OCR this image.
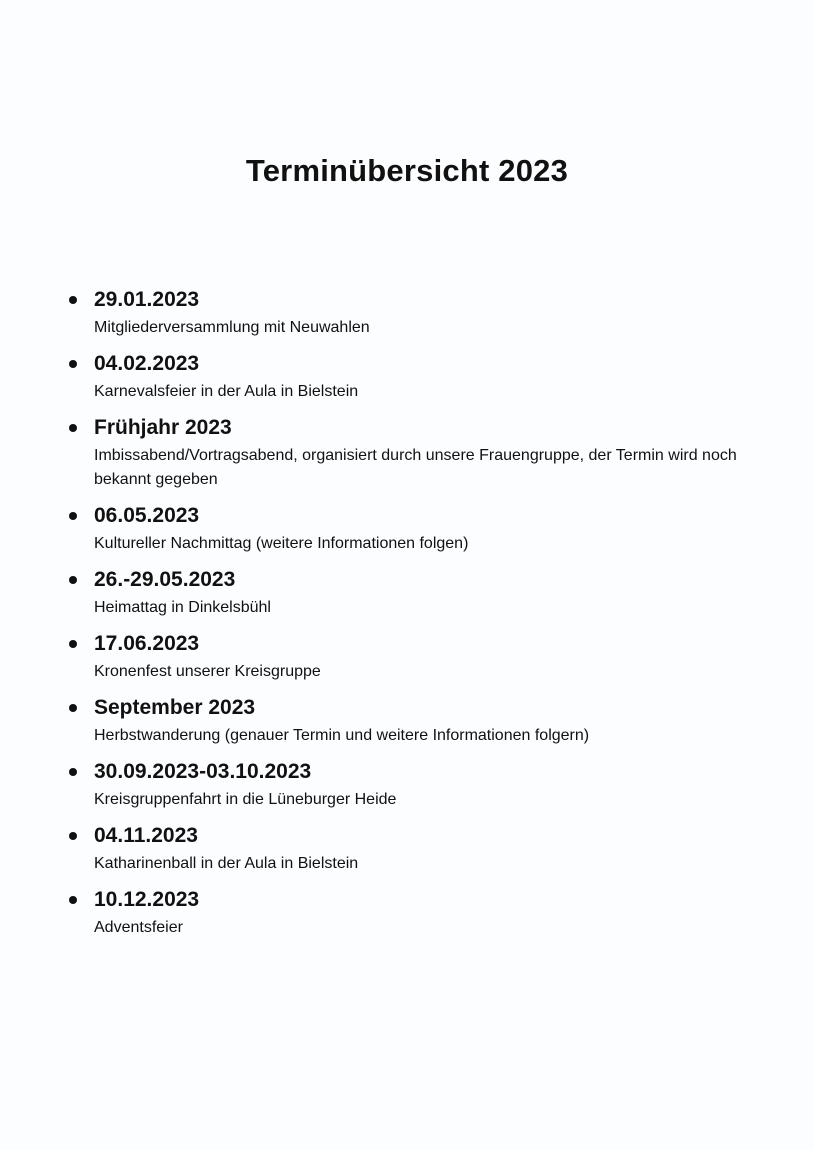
Terminübersicht 2023
29.01.2023
Mitgliederversammlung mit Neuwahlen
04.02.2023
Karnevalsfeier in der Aula in Bielstein
Frühjahr 2023
Imbissabend/Vortragsabend, organisiert durch unsere Frauengruppe, der Termin wird noch bekannt gegeben
06.05.2023
Kultureller Nachmittag (weitere Informationen folgen)
26.-29.05.2023
Heimattag in Dinkelsbühl
17.06.2023
Kronenfest unserer Kreisgruppe
September 2023
Herbstwanderung (genauer Termin und weitere Informationen folgern)
30.09.2023-03.10.2023
Kreisgruppenfahrt in die Lüneburger Heide
04.11.2023
Katharinenball in der Aula in Bielstein
10.12.2023
Adventsfeier
